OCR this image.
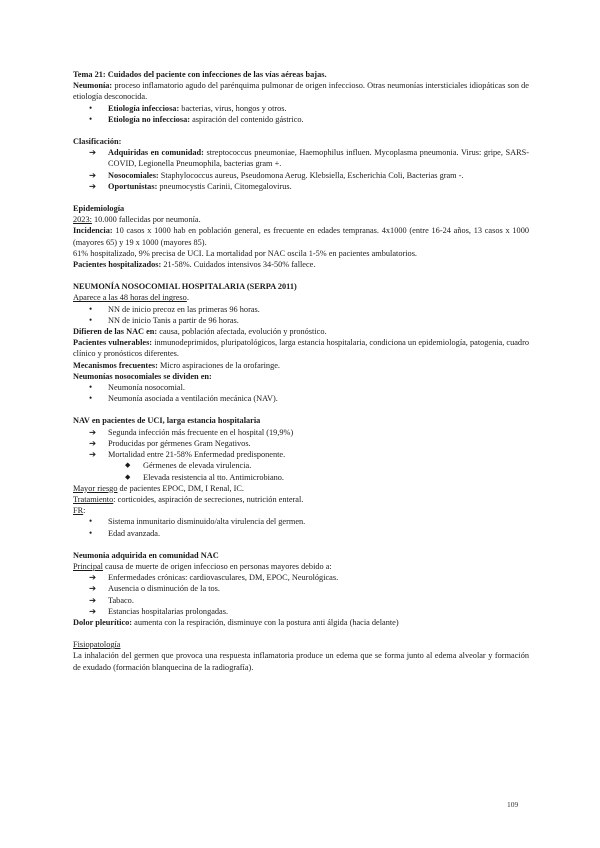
Tema 21: Cuidados del paciente con infecciones de las vías aéreas bajas.

Neumonía: proceso inflamatorio agudo del parénquima pulmonar de origen infeccioso. Otras neumonías intersticiales idiopáticas son de etiología desconocida.

•	Etiología infecciosa: bacterias, virus, hongos y otros.
•	Etiología no infecciosa: aspiración del contenido gástrico.

Clasificación:

➔	Adquiridas en comunidad: streptococcus pneumoniae, Haemophilus influen. Mycoplasma pneumonia. Virus: gripe, SARS-COVID, Legionella Pneumophila, bacterias gram +.
➔	Nosocomiales: Staphylococcus aureus, Pseudomona Aerug. Klebsiella, Escherichia Coli, Bacterias gram -.
➔	Oportunistas: pneumocystis Carinii, Citomegalovirus.

Epidemiología

2023: 10.000 fallecidas por neumonía.

Incidencia: 10 casos x 1000 hab en población general, es frecuente en edades tempranas. 4x1000 (entre 16-24 años, 13 casos x 1000 (mayores 65) y 19 x 1000 (mayores 85).

61% hospitalizado, 9% precisa de UCI. La mortalidad por NAC oscila 1-5% en pacientes ambulatorios.

Pacientes hospitalizados: 21-58%. Cuidados intensivos 34-50% fallece.

NEUMONÍA NOSOCOMIAL HOSPITALARIA (SERPA 2011)

Aparece a las 48 horas del ingreso.

•	NN de inicio precoz en las primeras 96 horas.
•	NN de inicio Tanis a partir de 96 horas.

Difieren de las NAC en: causa, población afectada, evolución y pronóstico.

Pacientes vulnerables: inmunodeprimidos, pluripatológicos, larga estancia hospitalaria, condiciona un epidemiología, patogenia, cuadro clínico y pronósticos diferentes.

Mecanismos frecuentes: Micro aspiraciones de la orofaringe.

Neumonías nosocomiales se dividen en:

•	Neumonía nosocomial.
•	Neumonía asociada a ventilación mecánica (NAV).

NAV en pacientes de UCI, larga estancia hospitalaria

➔	Segunda infección más frecuente en el hospital (19,9%)
➔	Producidas por gérmenes Gram Negativos.
➔	Mortalidad entre 21-58% Enfermedad predisponente.
◆ Gérmenes de elevada virulencia.
◆ Elevada resistencia al tto. Antimicrobiano.

Mayor riesgo de pacientes EPOC, DM, I Renal, IC.

Tratamiento: corticoides, aspiración de secreciones, nutrición enteral.

FR:

•	Sistema inmunitario disminuido/alta virulencia del germen.
•	Edad avanzada.

Neumonia adquirida en comunidad NAC

Principal causa de muerte de origen infeccioso en personas mayores debido a:

➔	Enfermedades crónicas: cardiovasculares, DM, EPOC, Neurológicas.
➔	Ausencia o disminución de la tos.
➔	Tabaco.
➔	Estancias hospitalarias prolongadas.

Dolor pleurítico: aumenta con la respiración, disminuye con la postura anti álgida (hacia delante)

Fisiopatología

La inhalación del germen que provoca una respuesta inflamatoria produce un edema que se forma junto al edema alveolar y formación de exudado (formación blanquecina de la radiografía).

109
